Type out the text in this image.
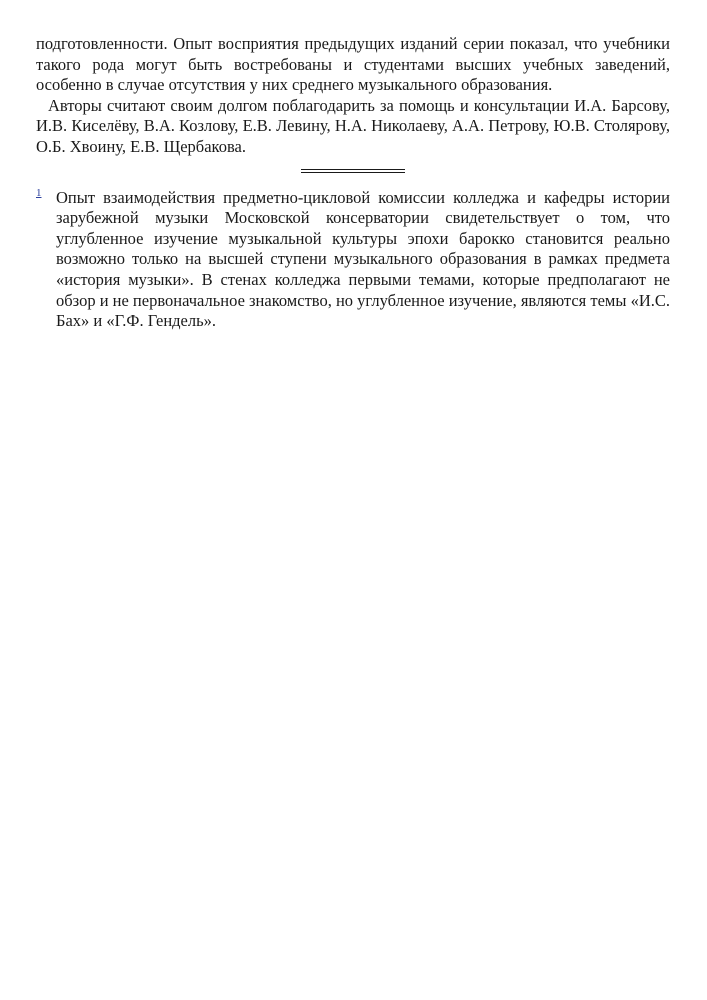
подготовленности. Опыт восприятия предыдущих изданий серии показал, что учебники такого рода могут быть востребованы и студентами высших учебных заведений, особенно в случае отсутствия у них среднего музыкального образования.

Авторы считают своим долгом поблагодарить за помощь и консультации И.А. Барсову, И.В. Киселёву, В.А. Козлову, Е.В. Левину, Н.А. Николаеву, А.А. Петрову, Ю.В. Столярову, О.Б. Хвоину, Е.В. Щербакова.

1 Опыт взаимодействия предметно-цикловой комиссии колледжа и кафедры истории зарубежной музыки Московской консерватории свидетельствует о том, что углубленное изучение музыкальной культуры эпохи барокко становится реально возможно только на высшей ступени музыкального образования в рамках предмета «история музыки». В стенах колледжа первыми темами, которые предполагают не обзор и не первоначальное знакомство, но углубленное изучение, являются темы «И.С. Бах» и «Г.Ф. Гендель».
